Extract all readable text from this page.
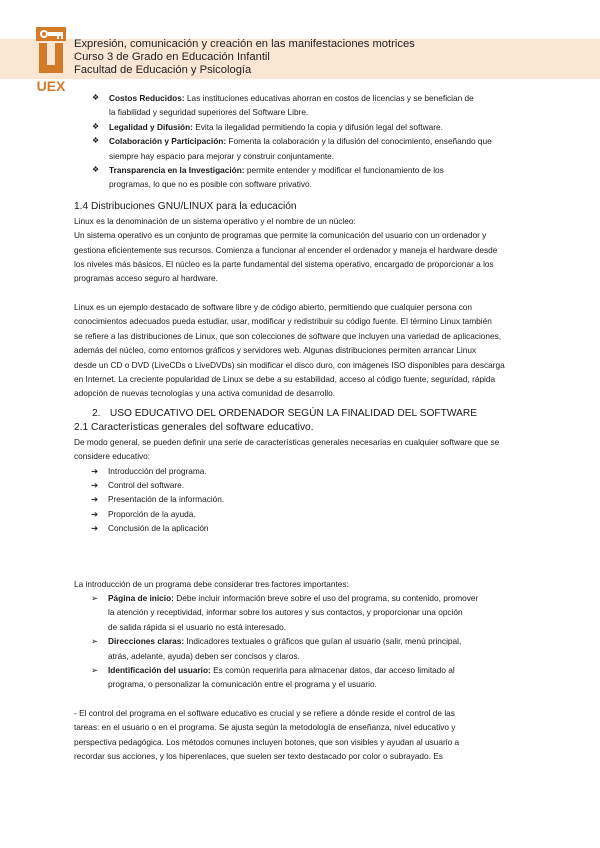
UEX
Expresión, comunicación y creación en las manifestaciones motrices
Curso 3 de Grado en Educación Infantil
Facultad de Educación y Psicología
❖ Costos Reducidos: Las instituciones educativas ahorran en costos de licencias y se benefician de
la fiabilidad y seguridad superiores del Software Libre.
❖ Legalidad y Difusión: Evita la ilegalidad permitiendo la copia y difusión legal del software.
❖ Colaboración y Participación: Fomenta la colaboración y la difusión del conocimiento, enseñando que
siempre hay espacio para mejorar y construir conjuntamente.
❖ Transparencia en la Investigación: permite entender y modificar el funcionamiento de los
programas, lo que no es posible con software privativo.
1.4 Distribuciones GNU/LINUX para la educación

Linux es la denominación de un sistema operativo y el nombre de un núcleo:
Un sistema operativo es un conjunto de programas que permite la comunicación del usuario con un ordenador y
gestiona eficientemente sus recursos. Comienza a funcionar al encender el ordenador y maneja el hardware desde
los niveles más básicos. El núcleo es la parte fundamental del sistema operativo, encargado de proporcionar a los
programas acceso seguro al hardware.

Linux es un ejemplo destacado de software libre y de código abierto, permitiendo que cualquier persona con
conocimientos adecuados pueda estudiar, usar, modificar y redistribuir su código fuente. El término Linux también
se refiere a las distribuciones de Linux, que son colecciones de software que incluyen una variedad de aplicaciones,
además del núcleo, como entornos gráficos y servidores web. Algunas distribuciones permiten arrancar Linux
desde un CD o DVD (LiveCDs o LiveDVDs) sin modificar el disco duro, con imágenes ISO disponibles para descarga
en Internet. La creciente popularidad de Linux se debe a su estabilidad, acceso al código fuente, seguridad, rápida
adopción de nuevas tecnologías y una activa comunidad de desarrollo.

2. USO EDUCATIVO DEL ORDENADOR SEGÚN LA FINALIDAD DEL SOFTWARE
2.1 Características generales del software educativo.

De modo general, se pueden definir una serie de características generales necesarias en cualquier software que se
considere educativo:

➔ Introducción del programa.
➔ Control del software.
➔ Presentación de la información.
➔ Proporción de la ayuda.
➔ Conclusión de la aplicación

La introducción de un programa debe considerar tres factores importantes:

➢ Página de inicio: Debe incluir información breve sobre el uso del programa, su contenido, promover
la atención y receptividad, informar sobre los autores y sus contactos, y proporcionar una opción
de salida rápida si el usuario no está interesado.
➢ Direcciones claras: Indicadores textuales o gráficos que guían al usuario (salir, menú principal,
atrás, adelante, ayuda) deben ser concisos y claros.
➢ Identificación del usuario: Es común requerirla para almacenar datos, dar acceso limitado al
programa, o personalizar la comunicación entre el programa y el usuario.

- El control del programa en el software educativo es crucial y se refiere a dónde reside el control de las
tareas: en el usuario o en el programa. Se ajusta según la metodología de enseñanza, nivel educativo y
perspectiva pedagógica. Los métodos comunes incluyen botones, que son visibles y ayudan al usuario a
recordar sus acciones, y los hiperenlaces, que suelen ser texto destacado por color o subrayado. Es
